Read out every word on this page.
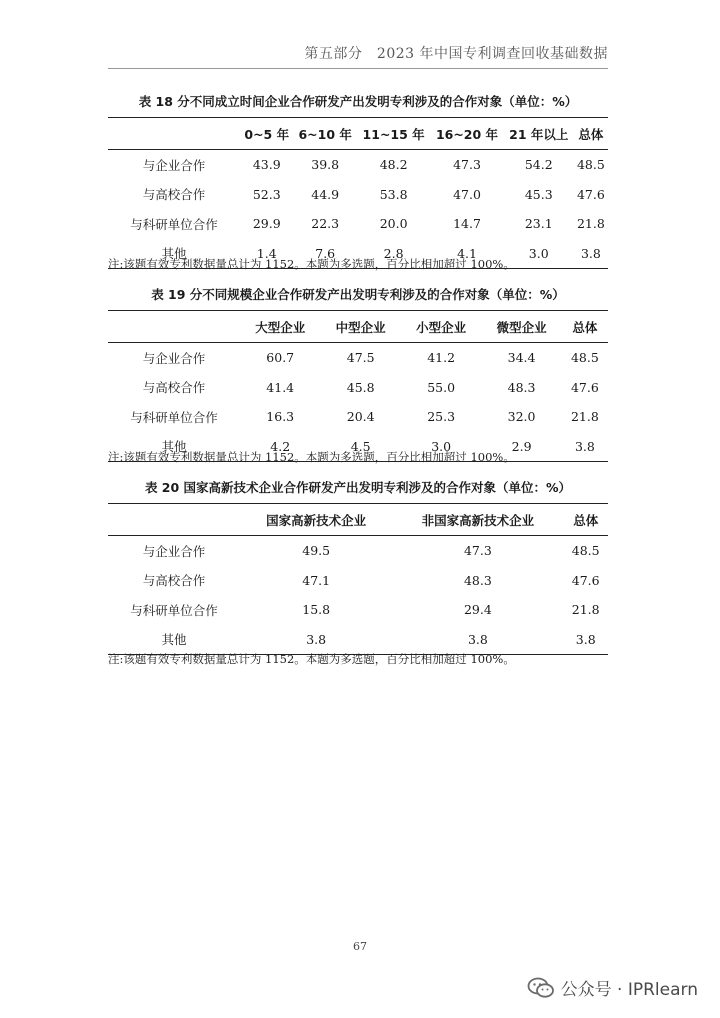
第五部分　2023 年中国专利调查回收基础数据
表 18 分不同成立时间企业合作研发产出发明专利涉及的合作对象（单位：%）
	0~5 年	6~10 年	11~15 年	16~20 年	21 年以上	总体
与企业合作	43.9	39.8	48.2	47.3	54.2	48.5
与高校合作	52.3	44.9	53.8	47.0	45.3	47.6
与科研单位合作	29.9	22.3	20.0	14.7	23.1	21.8
其他	1.4	7.6	2.8	4.1	3.0	3.8
注:该题有效专利数据量总计为 1152。本题为多选题，百分比相加超过 100%。
表 19 分不同规模企业合作研发产出发明专利涉及的合作对象（单位：%）
	大型企业	中型企业	小型企业	微型企业	总体
与企业合作	60.7	47.5	41.2	34.4	48.5
与高校合作	41.4	45.8	55.0	48.3	47.6
与科研单位合作	16.3	20.4	25.3	32.0	21.8
其他	4.2	4.5	3.0	2.9	3.8
注:该题有效专利数据量总计为 1152。本题为多选题，百分比相加超过 100%。
表 20 国家高新技术企业合作研发产出发明专利涉及的合作对象（单位：%）
	国家高新技术企业	非国家高新技术企业	总体
与企业合作	49.5	47.3	48.5
与高校合作	47.1	48.3	47.6
与科研单位合作	15.8	29.4	21.8
其他	3.8	3.8	3.8
注:该题有效专利数据量总计为 1152。本题为多选题，百分比相加超过 100%。
67
公众号 · IPRlearn
